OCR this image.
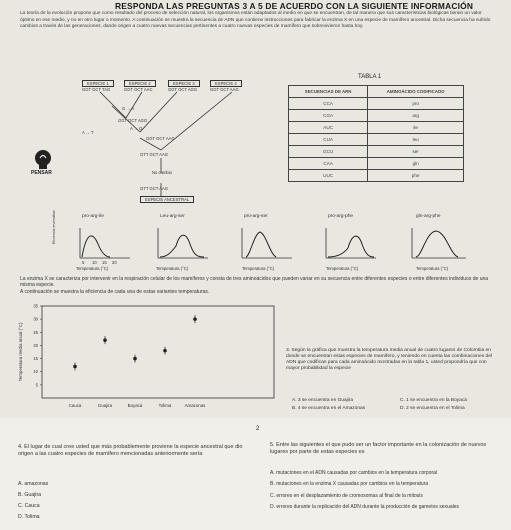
RESPONDA LAS PREGUNTAS 3 A 5 DE ACUERDO CON LA SIGUIENTE INFORMACIÓN
La teoría de la evolución propone que como resultado del proceso de selección natural, los organismos están adaptados al medio en que se encuentran, de tal manera que sus características biológicas tienen un valor óptimo en ese medio, y no en otro lugar o momento. A continuación se muestra la secuencia de ADN que contiene instrucciones para fabricar la enzima X en una especie de mamífero ancestral. Dicha secuencia ha sufrido cambios a través de las generaciones, dando origen a cuatro nuevas secuencias pertinentes a cuatro nuevas especies de mamífero que sobrevivieron hasta hoy.
ESPECIE 1
GGT GCT TAG
ESPECIE 2
GGT GCT AAC
ESPECIE 3
GGT GCT AGG
ESPECIE 4
GGT GCT AAG
G → A
GGT GCT AGG
A → T
A → G
GGT GCT AAG
GTT GCT AAG
No cambio
GTT GCT AAG
ESPECIE ANCESTRAL
PENSAR
TABLA 1
SECUENCIAS DE ARN	AMINOÁCIDO CODIFICADO
CCA	pro
CGA	arg
AUC	ile
CUA	leu
GCU	ser
CAA	gln
UUC	phe
pro-arg-ile	Leu-arg-ser	pro-arg-ser	pro-arg-phe	gln-arg-phe
5 10 15 20
Temperatura (°C)	Temperatura (°C)	Temperatura (°C)	Temperatura (°C)	Temperatura (°C)
Eficiencia enzimática
La enzima X se caracteriza por intervenir en la respiración celular de los mamíferos y consta de tres aminoácidos que pueden variar en su secuencia entre diferentes especies o entre diferentes individuos de una misma especie.
A continuación se muestra la eficiencia de cada una de estas variantes temperaturas.
5
10
15
20
25
30
35
Temperatura media anual (°C)
Cauca	Guajira	Boyacá	Tolima	Amazonas
3. Según la gráfica que muestra la temperatura media anual de cuatro lugares de Colombia en donde se encuentran estas especies de mamífero, y teniendo en cuenta las combinaciones del ADN que codifican para cada aminoácido mostradas en la tabla 1, usted propondría que con mayor probabilidad la especie
A. 3 se encuentra en Guajira
B. 4 se encuentra en el Amazonas
C. 1 se encuentra en la Boyacá
D. 2 se encuentra en el Tolima
2
4. El lugar de cual cree usted que más probablemente proviene la especie ancestral que dio origen a las cuatro especies de mamífero mencionadas anteriormente sería
A. amazonas
B. Guajira
C. Cauca
D. Tolima
5. Entre las siguientes el que pudo ser un factor importante en la colonización de nuevos lugares por parte de estas especies es
A. mutaciones en el ADN causadas por cambios en la temperatura corporal
B. mutaciones en la enzima X causadas por cambios en la temperatura
C. errores en el desplazamiento de cromosomas al final de la mitosis
D. errores durante la replicación del ADN durante la producción de gametos sexuales
